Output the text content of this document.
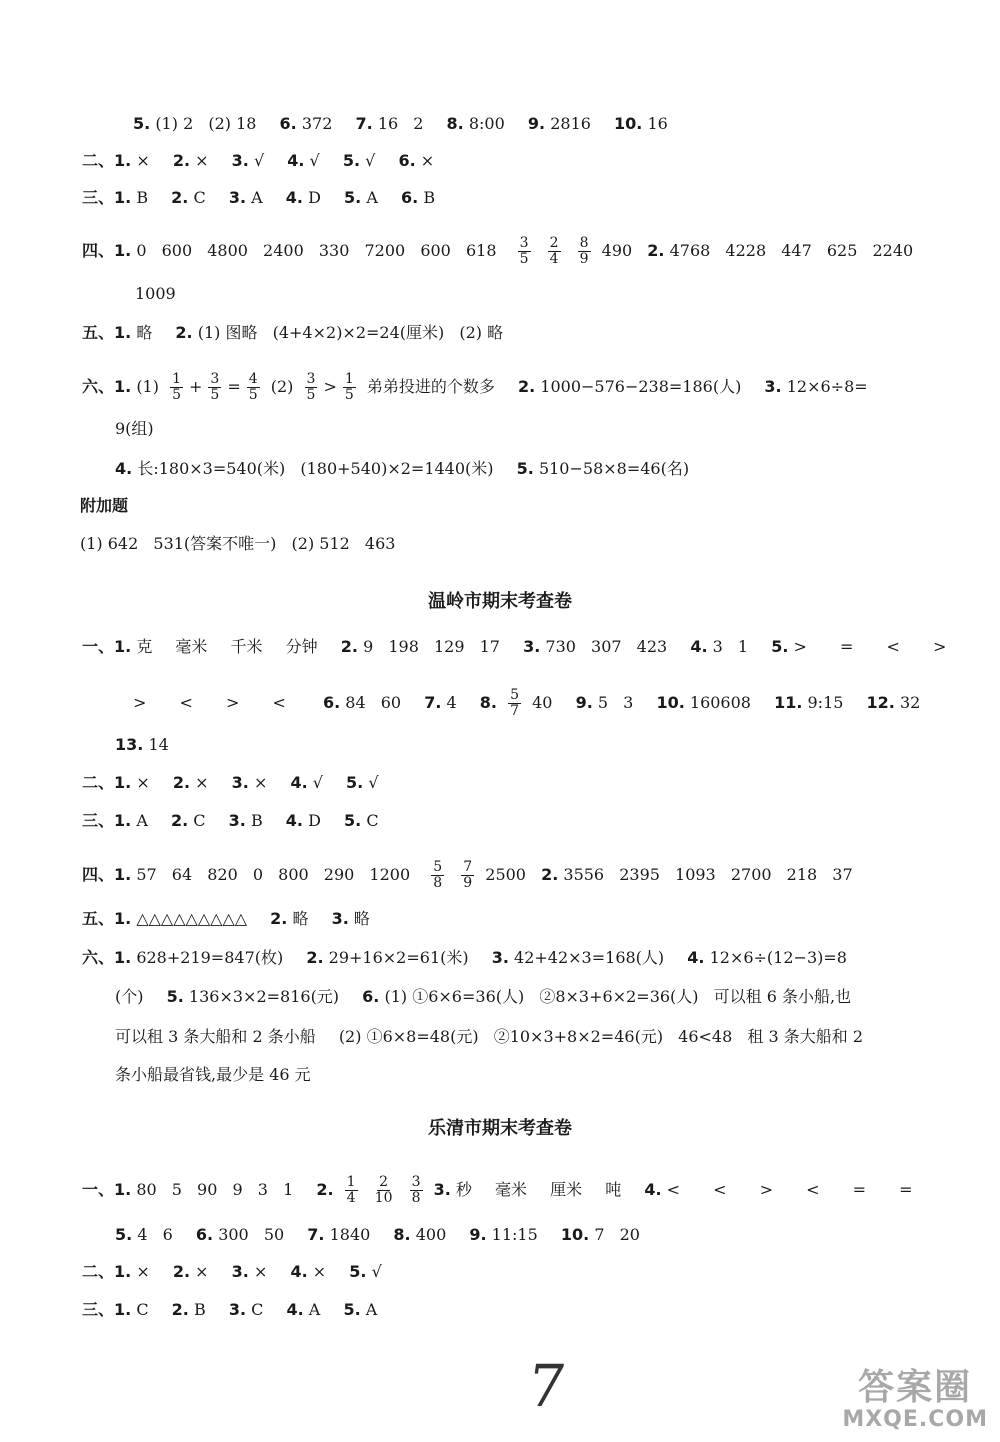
5. (1) 2 (2) 18 6. 372 7. 16 2 8. 8:00 9. 2816 10. 16
二、1. × 2. × 3. √ 4. √ 5. √ 6. ×
三、1. B 2. C 3. A 4. D 5. A 6. B
四、1. 0 600 4800 2400 330 7200 600 $618 \frac{3}{5}$
$\frac{2}{4}$
$\frac{8}{9} 490$ 2. 4768 4228 447 625 2240
1009
五、1. 略 2. (1) 图略 (4+4×2)×2=24(厘米) (2) 略
六、1. $(1) \frac{1}{5} + \frac{3}{5} = \frac{4}{5} (2) \frac{3}{5} > \frac{1}{5}$ 弟弟投进的个数多 2. 1000−576−238=186(人) 3. 12×6÷8=
9(组)
4. 长:180×3=540(米) (180+540)×2=1440(米) 5. 510−58×8=46(名)
附加题
(1) 642 531(答案不唯一) (2) 512 463
温岭市期末考查卷
一、1. 克 毫米 千米 分钟 2. 9 198 129 17 3. 730 307 423 4. 3 1 5. > = < >
> < > < 6. 84 60 7. 4 8. $\frac{5}{7} 40$ 9. 5 3 10. 160608 11. 9:15 12. 32
13. 14
二、1. × 2. × 3. × 4. √ 5. √
三、1. A 2. C 3. B 4. D 5. C
四、1. 57 64 820 0 800 290 $1200 \frac{5}{8}$
$\frac{7}{9} 2500$ 2. 3556 2395 1093 2700 218 37
五、1. △△△△△△△△△ 2. 略 3. 略
六、1. 628+219=847(枚) 2. 29+16×2=61(米) 3. 42+42×3=168(人) 4. 12×6÷(12−3)=8
(个) 5. 136×3×2=816(元) 6. (1) ①6×6=36(人) ②8×3+6×2=36(人) 可以租 6 条小船,也
可以租 3 条大船和 2 条小船 (2) ①6×8=48(元) ②10×3+8×2=46(元) 46<48 租 3 条大船和 2
条小船最省钱,最少是 46 元
乐清市期末考查卷
一、1. 80 5 90 9 3 1 2. $\frac{1}{4}$
$\frac{2}{10}$
$\frac{3}{8} 3$. 秒 毫米 厘米 吨 4. < < > < = =
5. 4 6 6. 300 50 7. 1840 8. 400 9. 11:15 10. 7 20
二、1. × 2. × 3. × 4. × 5. √
三、1. C 2. B 3. C 4. A 5. A
7	答案圈
MXQE.COM
